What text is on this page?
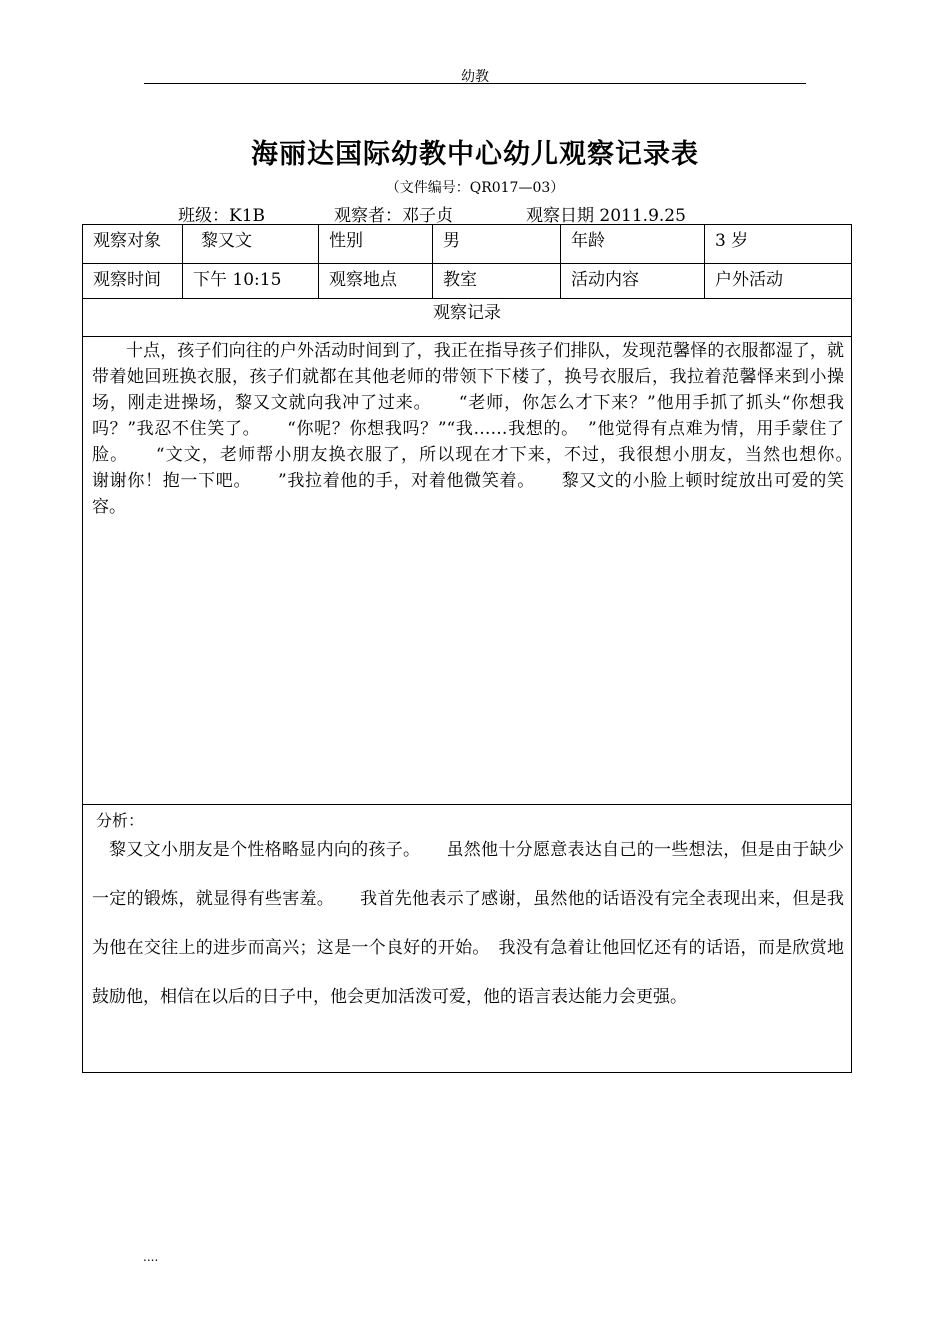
幼教
海丽达国际幼教中心幼儿观察记录表
（文件编号：QR017—03）
班级：K1B	观察者：邓子贞	观察日期 2011.9.25
观察对象	黎又文	性别	男	年龄	3 岁
观察时间	下午 10:15	观察地点	教室	活动内容	户外活动
观察记录
十点，孩子们向往的户外活动时间到了，我正在指导孩子们排队，发现范馨怿的衣服都湿了，就带着她回班换衣服，孩子们就都在其他老师的带领下下楼了，换号衣服后，我拉着范馨怿来到小操场，刚走进操场，黎又文就向我冲了过来。　　“老师，你怎么才下来？”他用手抓了抓头“你想我吗？”我忍不住笑了。　　“你呢？你想我吗？”“我……我想的。　”他觉得有点难为情，用手蒙住了脸。　　“文文，老师帮小朋友换衣服了，所以现在才下来，不过，我很想小朋友，当然也想你。　　谢谢你！抱一下吧。　　”我拉着他的手，对着他微笑着。　　黎又文的小脸上顿时绽放出可爱的笑容。
分析：
黎又文小朋友是个性格略显内向的孩子。　　虽然他十分愿意表达自己的一些想法，但是由于缺少一定的锻炼，就显得有些害羞。　　我首先他表示了感谢，虽然他的话语没有完全表现出来，但是我为他在交往上的进步而高兴；这是一个良好的开始。　我没有急着让他回忆还有的话语，而是欣赏地鼓励他，相信在以后的日子中，他会更加活泼可爱，他的语言表达能力会更强。
....
